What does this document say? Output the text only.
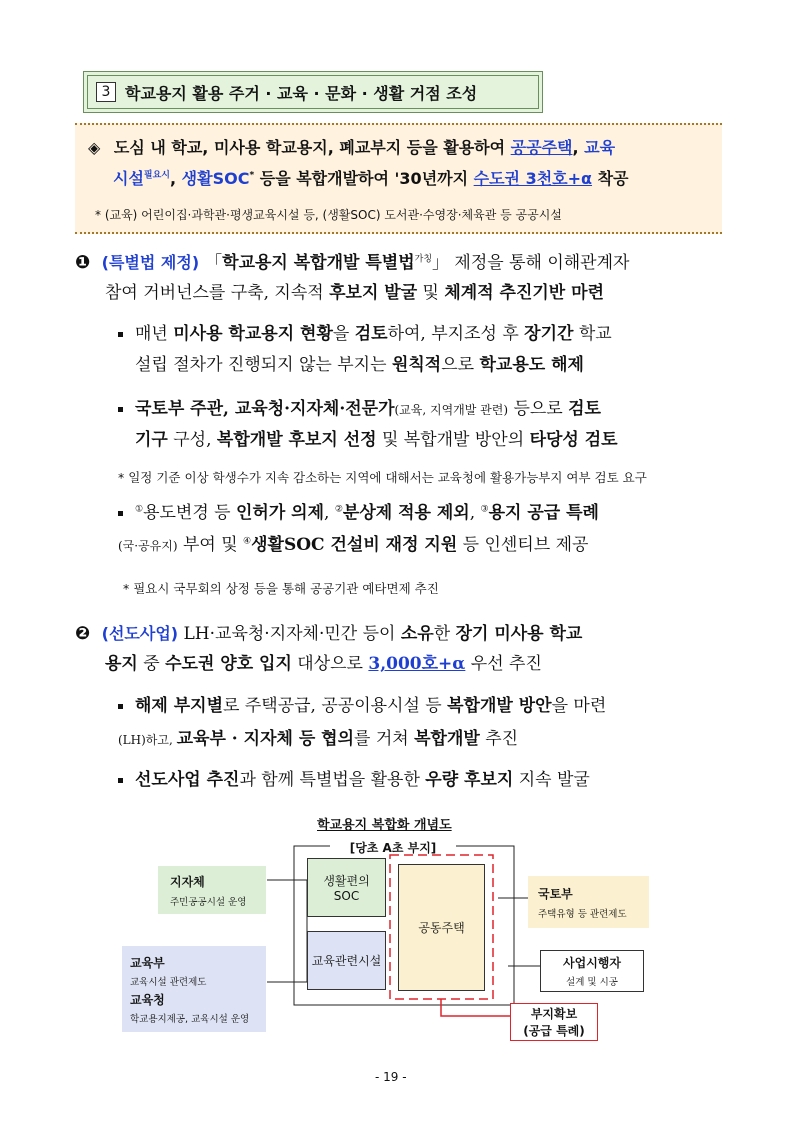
3 학교용지 활용 주거 · 교육 · 문화 · 생활 거점 조성
◈ 도심 내 학교, 미사용 학교용지, 폐교부지 등을 활용하여 공공주택, 교육
시설$^{필요시}$, 생활SOC* 등을 복합개발하여 '30년까지 수도권 3천호+α 착공
* (교육) 어린이집·과학관·평생교육시설 등, (생활SOC) 도서관·수영장·체육관 등 공공시설
❶ (특별법 제정) 「학교용지 복합개발 특별법$^{가칭}$」 제정을 통해 이해관계자
참여 거버넌스를 구축, 지속적 후보지 발굴 및 체계적 추진기반 마련
매년 미사용 학교용지 현황을 검토하여, 부지조성 후 장기간 학교
설립 절차가 진행되지 않는 부지는 원칙적으로 학교용도 해제
국토부 주관, 교육청·지자체·전문가(교육, 지역개발 관련) 등으로 검토
기구 구성, 복합개발 후보지 선정 및 복합개발 방안의 타당성 검토
* 일정 기준 이상 학생수가 지속 감소하는 지역에 대해서는 교육청에 활용가능부지 여부 검토 요구
①용도변경 등 인허가 의제, ②분상제 적용 제외, ③용지 공급 특례
(국·공유지) 부여 및 ④생활SOC 건설비 재정 지원 등 인센티브 제공
* 필요시 국무회의 상정 등을 통해 공공기관 예타면제 추진
❷ (선도사업) LH·교육청·지자체·민간 등이 소유한 장기 미사용 학교
용지 중 수도권 양호 입지 대상으로 3,000호+α 우선 추진
해제 부지별로 주택공급, 공공이용시설 등 복합개발 방안을 마련
(LH)하고, 교육부 · 지자체 등 협의를 거쳐 복합개발 추진
선도사업 추진과 함께 특별법을 활용한 우량 후보지 지속 발굴
학교용지 복합화 개념도
[당초 A초 부지]
지자체
주민공공시설 운영
교육부
교육시설 관련제도
교육청
학교용지제공, 교육시설 운영
생활편의
SOC
교육관련시설
공동주택
국토부
주택유형 등 관련제도
사업시행자
설계 및 시공
부지확보
(공급 특례)
- 19 -
